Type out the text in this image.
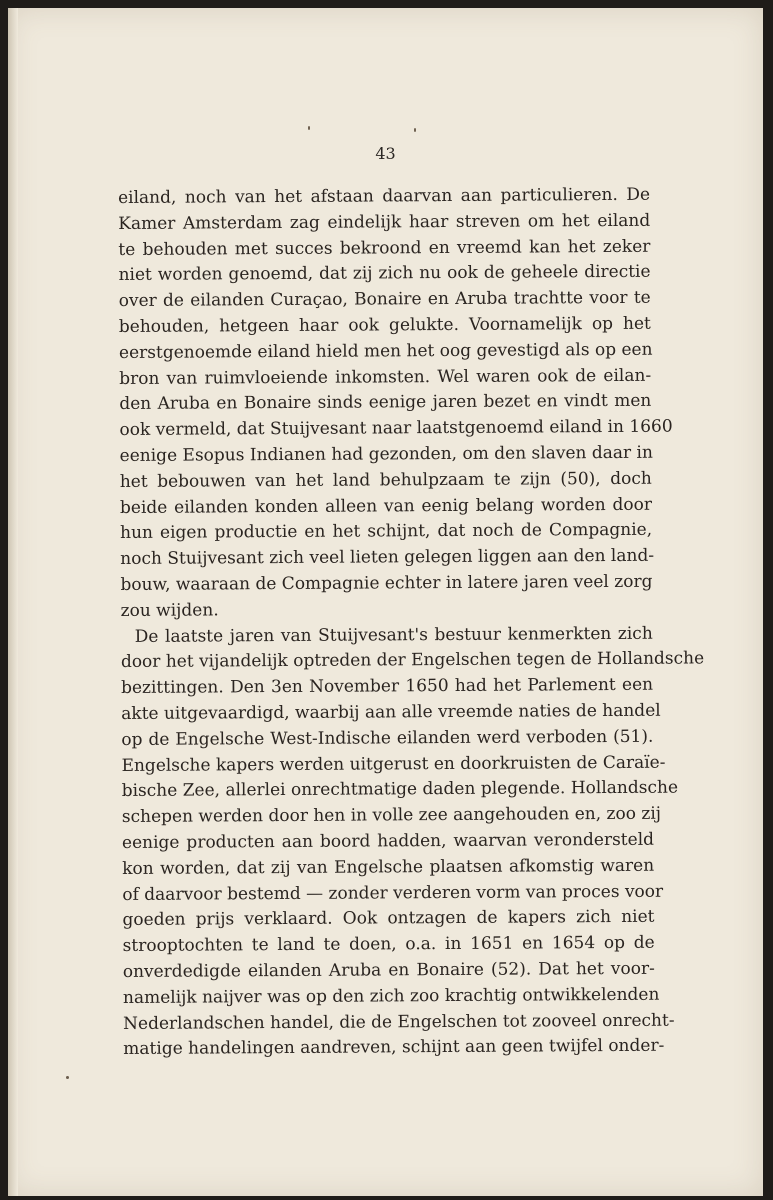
43
eiland, noch van het afstaan daarvan aan particulieren. De
Kamer Amsterdam zag eindelijk haar streven om het eiland
te behouden met succes bekroond en vreemd kan het zeker
niet worden genoemd, dat zij zich nu ook de geheele directie
over de eilanden Curaçao, Bonaire en Aruba trachtte voor te
behouden, hetgeen haar ook gelukte. Voornamelijk op het
eerstgenoemde eiland hield men het oog gevestigd als op een
bron van ruimvloeiende inkomsten. Wel waren ook de eilan-
den Aruba en Bonaire sinds eenige jaren bezet en vindt men
ook vermeld, dat Stuijvesant naar laatstgenoemd eiland in 1660
eenige Esopus Indianen had gezonden, om den slaven daar in
het bebouwen van het land behulpzaam te zijn (50), doch
beide eilanden konden alleen van eenig belang worden door
hun eigen productie en het schijnt, dat noch de Compagnie,
noch Stuijvesant zich veel lieten gelegen liggen aan den land-
bouw, waaraan de Compagnie echter in latere jaren veel zorg
zou wijden.
De laatste jaren van Stuijvesant's bestuur kenmerkten zich
door het vijandelijk optreden der Engelschen tegen de Hollandsche
bezittingen. Den 3en November 1650 had het Parlement een
akte uitgevaardigd, waarbij aan alle vreemde naties de handel
op de Engelsche West-Indische eilanden werd verboden (51).
Engelsche kapers werden uitgerust en doorkruisten de Caraïe-
bische Zee, allerlei onrechtmatige daden plegende. Hollandsche
schepen werden door hen in volle zee aangehouden en, zoo zij
eenige producten aan boord hadden, waarvan verondersteld
kon worden, dat zij van Engelsche plaatsen afkomstig waren
of daarvoor bestemd — zonder verderen vorm van proces voor
goeden prijs verklaard. Ook ontzagen de kapers zich niet
strooptochten te land te doen, o.a. in 1651 en 1654 op de
onverdedigde eilanden Aruba en Bonaire (52). Dat het voor-
namelijk naijver was op den zich zoo krachtig ontwikkelenden
Nederlandschen handel, die de Engelschen tot zooveel onrecht-
matige handelingen aandreven, schijnt aan geen twijfel onder-
